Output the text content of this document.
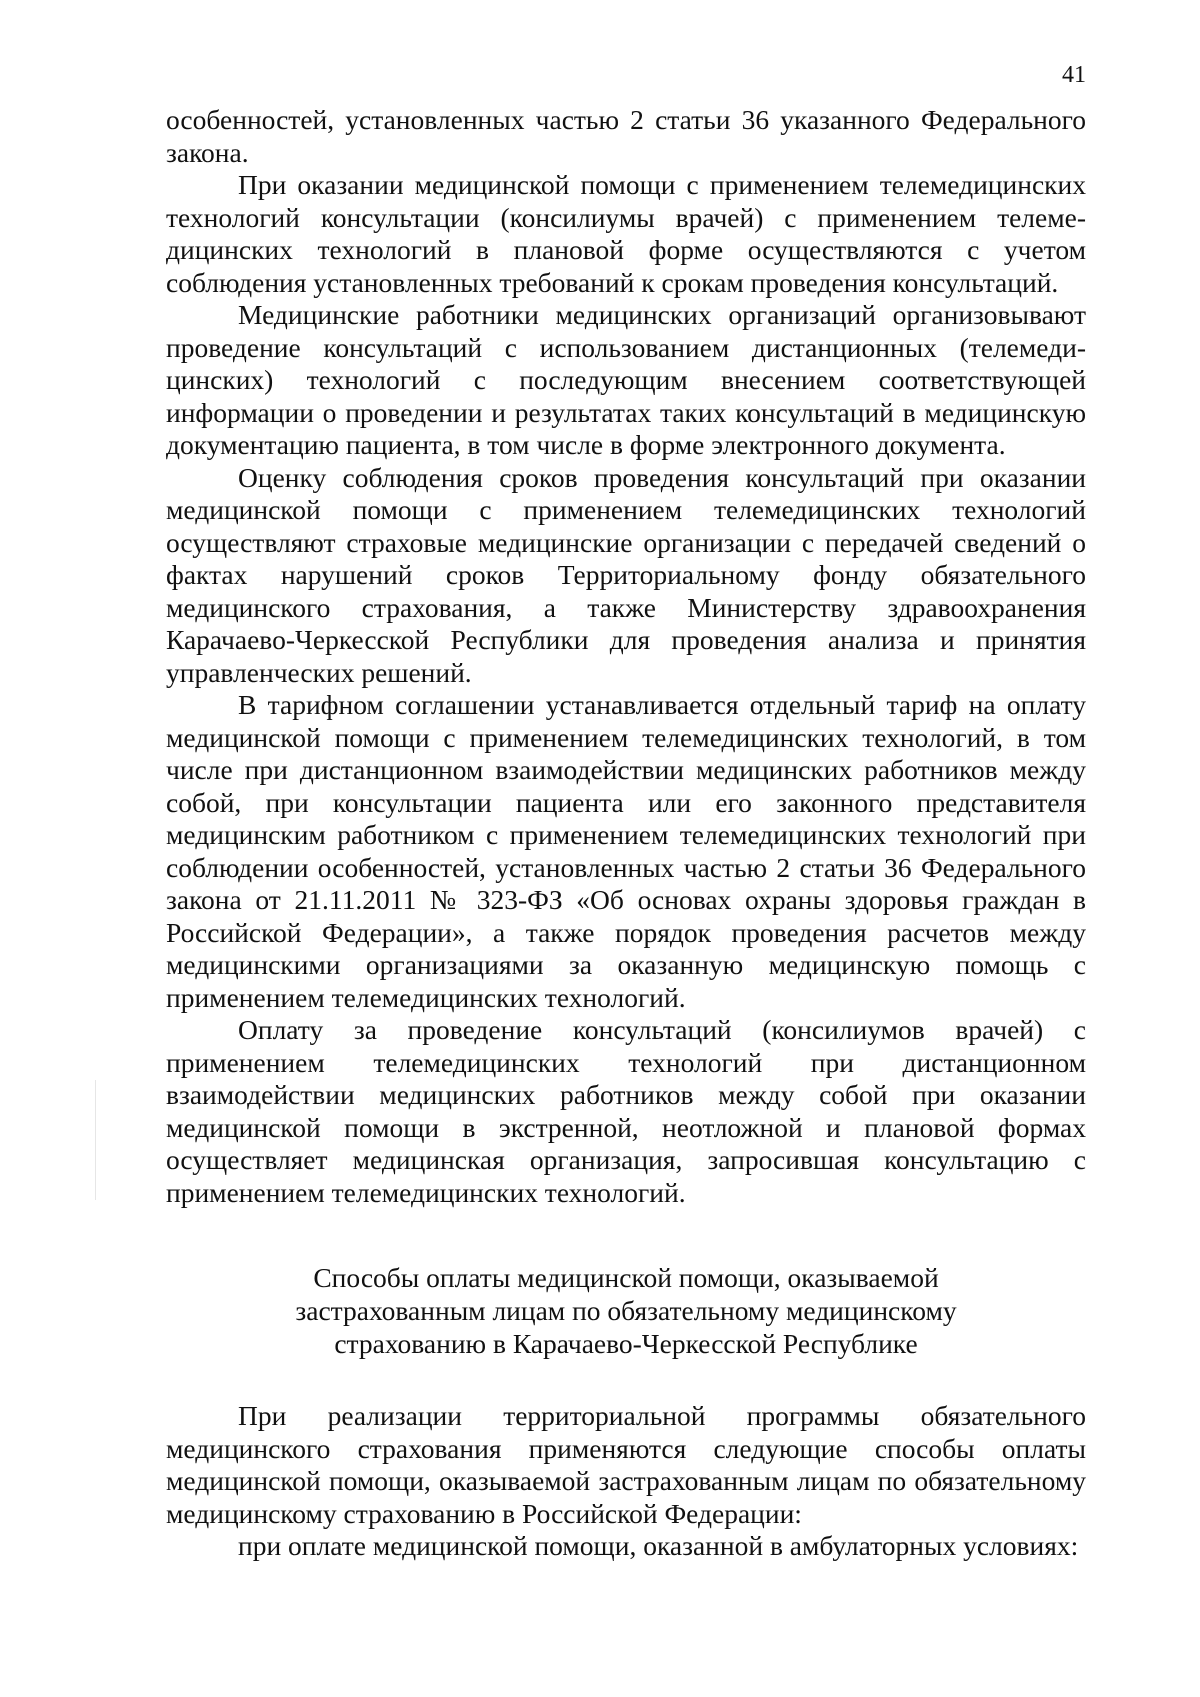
41

особенностей, установленных частью 2 статьи 36 указанного Федерального закона.

При оказании медицинской помощи с применением телемедицинских технологий консультации (консилиумы врачей) с применением телеме-дицинских технологий в плановой форме осуществляются с учетом соблюдения установленных требований к срокам проведения консультаций.

Медицинские работники медицинских организаций организовывают проведение консультаций с использованием дистанционных (телемеди-цинских) технологий с последующим внесением соответствующей информации о проведении и результатах таких консультаций в медицинскую документацию пациента, в том числе в форме электронного документа.

Оценку соблюдения сроков проведения консультаций при оказании медицинской помощи с применением телемедицинских технологий осуществляют страховые медицинские организации с передачей сведений о фактах нарушений сроков Территориальному фонду обязательного медицинского страхования, а также Министерству здравоохранения Карачаево-Черкесской Республики для проведения анализа и принятия управленческих решений.

В тарифном соглашении устанавливается отдельный тариф на оплату медицинской помощи с применением телемедицинских технологий, в том числе при дистанционном взаимодействии медицинских работников между собой, при консультации пациента или его законного представителя медицинским работником с применением телемедицинских технологий при соблюдении особенностей, установленных частью 2 статьи 36 Федерального закона от 21.11.2011 № 323-ФЗ «Об основах охраны здоровья граждан в Российской Федерации», а также порядок проведения расчетов между медицинскими организациями за оказанную медицинскую помощь с применением телемедицинских технологий.

Оплату за проведение консультаций (консилиумов врачей) с применением телемедицинских технологий при дистанционном взаимодействии медицинских работников между собой при оказании медицинской помощи в экстренной, неотложной и плановой формах осуществляет медицинская организация, запросившая консультацию с применением телемедицинских технологий.

Способы оплаты медицинской помощи, оказываемой
застрахованным лицам по обязательному медицинскому
страхованию в Карачаево-Черкесской Республике

При реализации территориальной программы обязательного медицинского страхования применяются следующие способы оплаты медицинской помощи, оказываемой застрахованным лицам по обязательному медицинскому страхованию в Российской Федерации:

при оплате медицинской помощи, оказанной в амбулаторных условиях:
